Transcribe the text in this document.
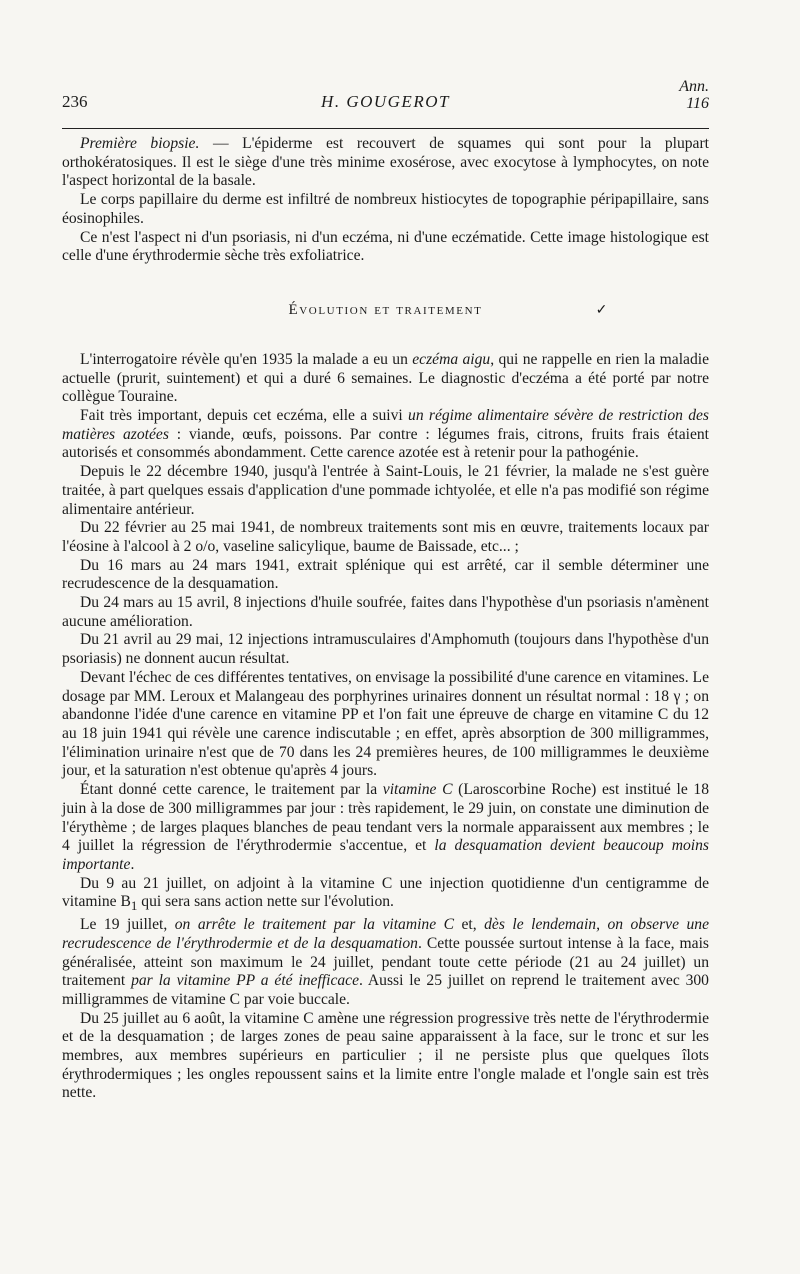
236	H. GOUGEROT
Ann.
116

Première biopsie. — L'épiderme est recouvert de squames qui sont pour la plupart orthokératosiques. Il est le siège d'une très minime exosérose, avec exocytose à lymphocytes, on note l'aspect horizontal de la basale.

Le corps papillaire du derme est infiltré de nombreux histiocytes de topographie péripapillaire, sans éosinophiles.

Ce n'est l'aspect ni d'un psoriasis, ni d'un eczéma, ni d'une eczématide. Cette image histologique est celle d'une érythrodermie sèche très exfoliatrice.

Évolution et traitement	✓

L'interrogatoire révèle qu'en 1935 la malade a eu un eczéma aigu, qui ne rappelle en rien la maladie actuelle (prurit, suintement) et qui a duré 6 semaines. Le diagnostic d'eczéma a été porté par notre collègue Touraine.

Fait très important, depuis cet eczéma, elle a suivi un régime alimentaire sévère de restriction des matières azotées : viande, œufs, poissons. Par contre : légumes frais, citrons, fruits frais étaient autorisés et consommés abondamment. Cette carence azotée est à retenir pour la pathogénie.

Depuis le 22 décembre 1940, jusqu'à l'entrée à Saint-Louis, le 21 février, la malade ne s'est guère traitée, à part quelques essais d'application d'une pommade ichtyolée, et elle n'a pas modifié son régime alimentaire antérieur.

Du 22 février au 25 mai 1941, de nombreux traitements sont mis en œuvre, traitements locaux par l'éosine à l'alcool à 2 o/o, vaseline salicylique, baume de Baissade, etc... ;

Du 16 mars au 24 mars 1941, extrait splénique qui est arrêté, car il semble déterminer une recrudescence de la desquamation.

Du 24 mars au 15 avril, 8 injections d'huile soufrée, faites dans l'hypothèse d'un psoriasis n'amènent aucune amélioration.

Du 21 avril au 29 mai, 12 injections intramusculaires d'Amphomuth (toujours dans l'hypothèse d'un psoriasis) ne donnent aucun résultat.

Devant l'échec de ces différentes tentatives, on envisage la possibilité d'une carence en vitamines. Le dosage par MM. Leroux et Malangeau des porphyrines urinaires donnent un résultat normal : 18 γ ; on abandonne l'idée d'une carence en vitamine PP et l'on fait une épreuve de charge en vitamine C du 12 au 18 juin 1941 qui révèle une carence indiscutable ; en effet, après absorption de 300 milligrammes, l'élimination urinaire n'est que de 70 dans les 24 premières heures, de 100 milligrammes le deuxième jour, et la saturation n'est obtenue qu'après 4 jours.

Étant donné cette carence, le traitement par la vitamine C (Laroscorbine Roche) est institué le 18 juin à la dose de 300 milligrammes par jour : très rapidement, le 29 juin, on constate une diminution de l'érythème ; de larges plaques blanches de peau tendant vers la normale apparaissent aux membres ; le 4 juillet la régression de l'érythrodermie s'accentue, et la desquamation devient beaucoup moins importante.

Du 9 au 21 juillet, on adjoint à la vitamine C une injection quotidienne d'un centigramme de vitamine $B_1$ qui sera sans action nette sur l'évolution.

Le 19 juillet, on arrête le traitement par la vitamine C et, dès le lendemain, on observe une recrudescence de l'érythrodermie et de la desquamation. Cette poussée surtout intense à la face, mais généralisée, atteint son maximum le 24 juillet, pendant toute cette période (21 au 24 juillet) un traitement par la vitamine PP a été inefficace. Aussi le 25 juillet on reprend le traitement avec 300 milligrammes de vitamine C par voie buccale.

Du 25 juillet au 6 août, la vitamine C amène une régression progressive très nette de l'érythrodermie et de la desquamation ; de larges zones de peau saine apparaissent à la face, sur le tronc et sur les membres, aux membres supérieurs en particulier ; il ne persiste plus que quelques îlots érythrodermiques ; les ongles repoussent sains et la limite entre l'ongle malade et l'ongle sain est très nette.
